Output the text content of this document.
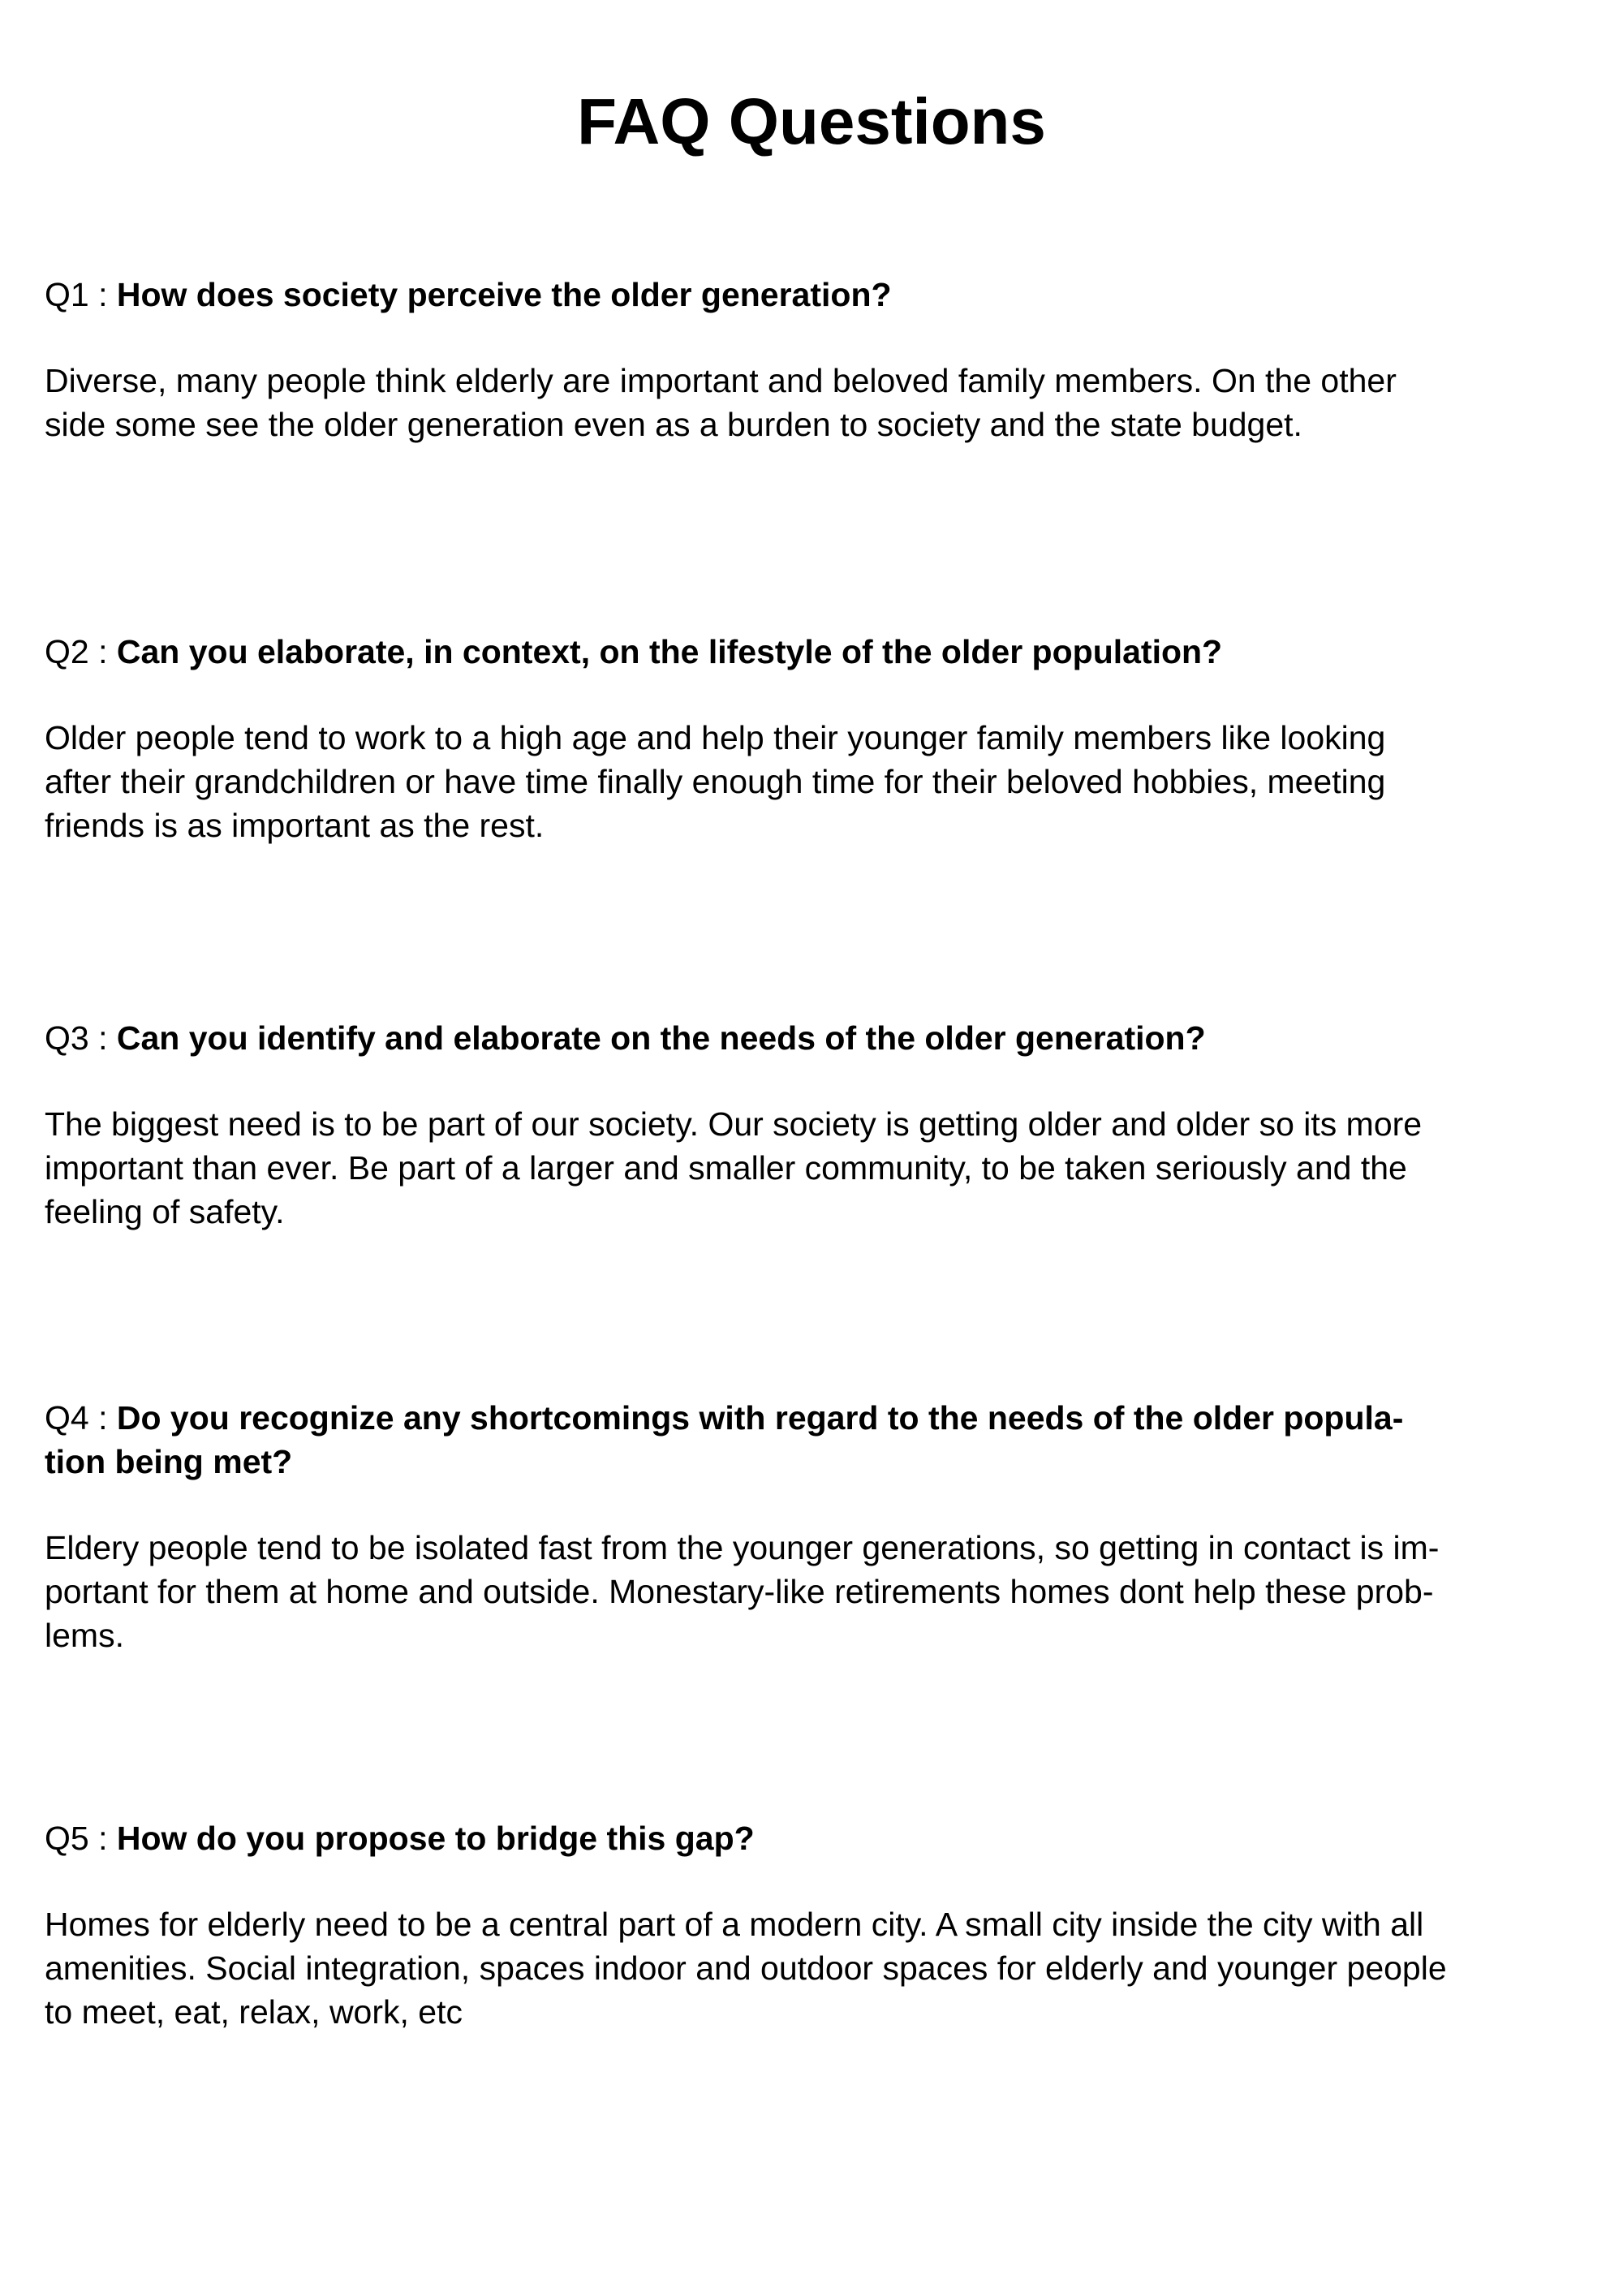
FAQ Questions

Q1 : How does society perceive the older generation?

Diverse, many people think elderly are important and beloved family members. On the other
side some see the older generation even as a burden to society and the state budget.

Q2 : Can you elaborate, in context, on the lifestyle of the older population?

Older people tend to work to a high age and help their younger family members like looking
after their grandchildren or have time finally enough time for their beloved hobbies, meeting
friends is as important as the rest.

Q3 : Can you identify and elaborate on the needs of the older generation?

The biggest need is to be part of our society. Our society is getting older and older so its more
important than ever. Be part of a larger and smaller community, to be taken seriously and the
feeling of safety.

Q4 : Do you recognize any shortcomings with regard to the needs of the older popula-
tion being met?

Eldery people tend to be isolated fast from the younger generations, so getting in contact is im-
portant for them at home and outside. Monestary-like retirements homes dont help these prob-
lems.

Q5 : How do you propose to bridge this gap?

Homes for elderly need to be a central part of a modern city. A small city inside the city with all
amenities. Social integration, spaces indoor and outdoor spaces for elderly and younger people
to meet, eat, relax, work, etc
